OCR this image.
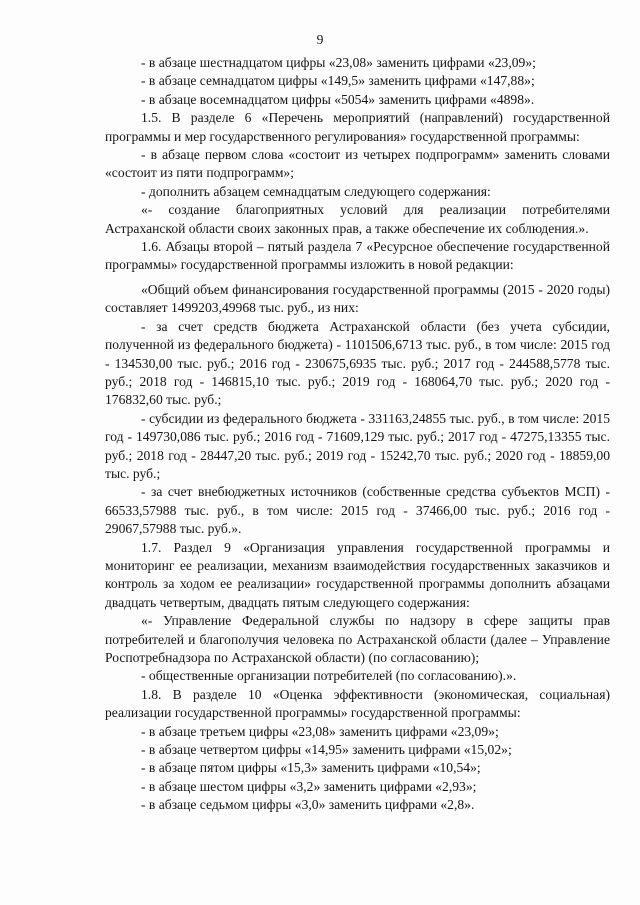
9

- в абзаце шестнадцатом цифры «23,08» заменить цифрами «23,09»;

- в абзаце семнадцатом цифры «149,5» заменить цифрами «147,88»;

- в абзаце восемнадцатом цифры «5054» заменить цифрами «4898».

1.5. В разделе 6 «Перечень мероприятий (направлений) государственной программы и мер государственного регулирования» государственной программы:

- в абзаце первом слова «состоит из четырех подпрограмм» заменить словами «состоит из пяти подпрограмм»;

- дополнить абзацем семнадцатым следующего содержания:

«- создание благоприятных условий для реализации потребителями Астраханской области своих законных прав, а также обеспечение их соблюдения.».

1.6. Абзацы второй – пятый раздела 7 «Ресурсное обеспечение государственной программы» государственной программы изложить в новой редакции:

«Общий объем финансирования государственной программы (2015 - 2020 годы) составляет 1499203,49968 тыс. руб., из них:

- за счет средств бюджета Астраханской области (без учета субсидии, полученной из федерального бюджета) - 1101506,6713 тыс. руб., в том числе: 2015 год - 134530,00 тыс. руб.; 2016 год - 230675,6935 тыс. руб.; 2017 год - 244588,5778 тыс. руб.; 2018 год - 146815,10 тыс. руб.; 2019 год - 168064,70 тыс. руб.; 2020 год - 176832,60 тыс. руб.;

- субсидии из федерального бюджета - 331163,24855 тыс. руб., в том числе: 2015 год - 149730,086 тыс. руб.; 2016 год - 71609,129 тыс. руб.; 2017 год - 47275,13355 тыс. руб.; 2018 год - 28447,20 тыс. руб.; 2019 год - 15242,70 тыс. руб.; 2020 год - 18859,00 тыс. руб.;

- за счет внебюджетных источников (собственные средства субъектов МСП) - 66533,57988 тыс. руб., в том числе: 2015 год - 37466,00 тыс. руб.; 2016 год - 29067,57988 тыс. руб.».

1.7. Раздел 9 «Организация управления государственной программы и мониторинг ее реализации, механизм взаимодействия государственных заказчиков и контроль за ходом ее реализации» государственной программы дополнить абзацами двадцать четвертым, двадцать пятым следующего содержания:

«- Управление Федеральной службы по надзору в сфере защиты прав потребителей и благополучия человека по Астраханской области (далее – Управление Роспотребнадзора по Астраханской области) (по согласованию);

- общественные организации потребителей (по согласованию).».

1.8. В разделе 10 «Оценка эффективности (экономическая, социальная) реализации государственной программы» государственной программы:

- в абзаце третьем цифры «23,08» заменить цифрами «23,09»;

- в абзаце четвертом цифры «14,95» заменить цифрами «15,02»;

- в абзаце пятом цифры «15,3» заменить цифрами «10,54»;

- в абзаце шестом цифры «3,2» заменить цифрами «2,93»;

- в абзаце седьмом цифры «3,0» заменить цифрами «2,8».
